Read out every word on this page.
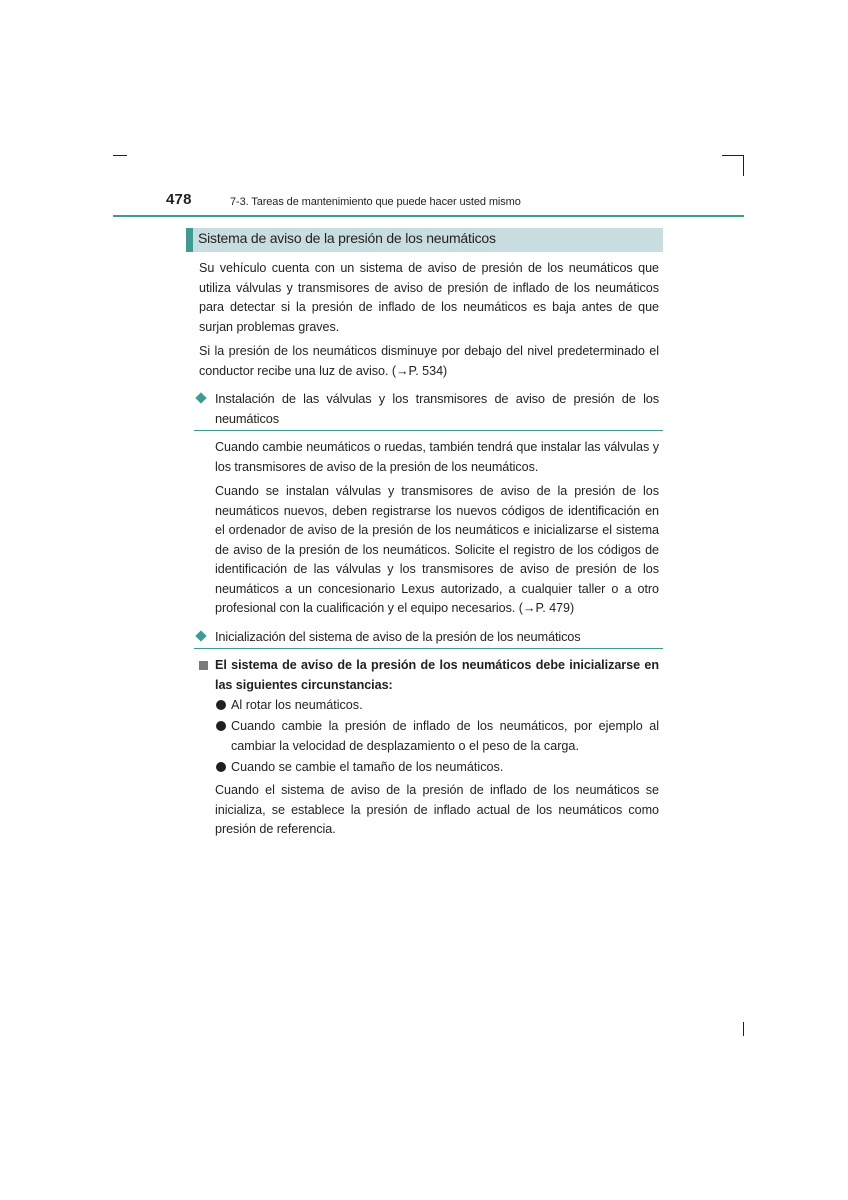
478	7-3. Tareas de mantenimiento que puede hacer usted mismo
Sistema de aviso de la presión de los neumáticos
Su vehículo cuenta con un sistema de aviso de presión de los neumáticos que utiliza válvulas y transmisores de aviso de presión de inflado de los neumáticos para detectar si la presión de inflado de los neumáticos es baja antes de que surjan problemas graves.
Si la presión de los neumáticos disminuye por debajo del nivel predeterminado el conductor recibe una luz de aviso. (→P. 534)
Instalación de las válvulas y los transmisores de aviso de presión de los neumáticos
Cuando cambie neumáticos o ruedas, también tendrá que instalar las válvulas y los transmisores de aviso de la presión de los neumáticos.
Cuando se instalan válvulas y transmisores de aviso de la presión de los neumáticos nuevos, deben registrarse los nuevos códigos de identificación en el ordenador de aviso de la presión de los neumáticos e inicializarse el sistema de aviso de la presión de los neumáticos. Solicite el registro de los códigos de identificación de las válvulas y los transmisores de aviso de presión de los neumáticos a un concesionario Lexus autorizado, a cualquier taller o a otro profesional con la cualificación y el equipo necesarios. (→P. 479)
Inicialización del sistema de aviso de la presión de los neumáticos
El sistema de aviso de la presión de los neumáticos debe inicializarse en las siguientes circunstancias:
Al rotar los neumáticos.
Cuando cambie la presión de inflado de los neumáticos, por ejemplo al cambiar la velocidad de desplazamiento o el peso de la carga.
Cuando se cambie el tamaño de los neumáticos.
Cuando el sistema de aviso de la presión de inflado de los neumáticos se inicializa, se establece la presión de inflado actual de los neumáticos como presión de referencia.
